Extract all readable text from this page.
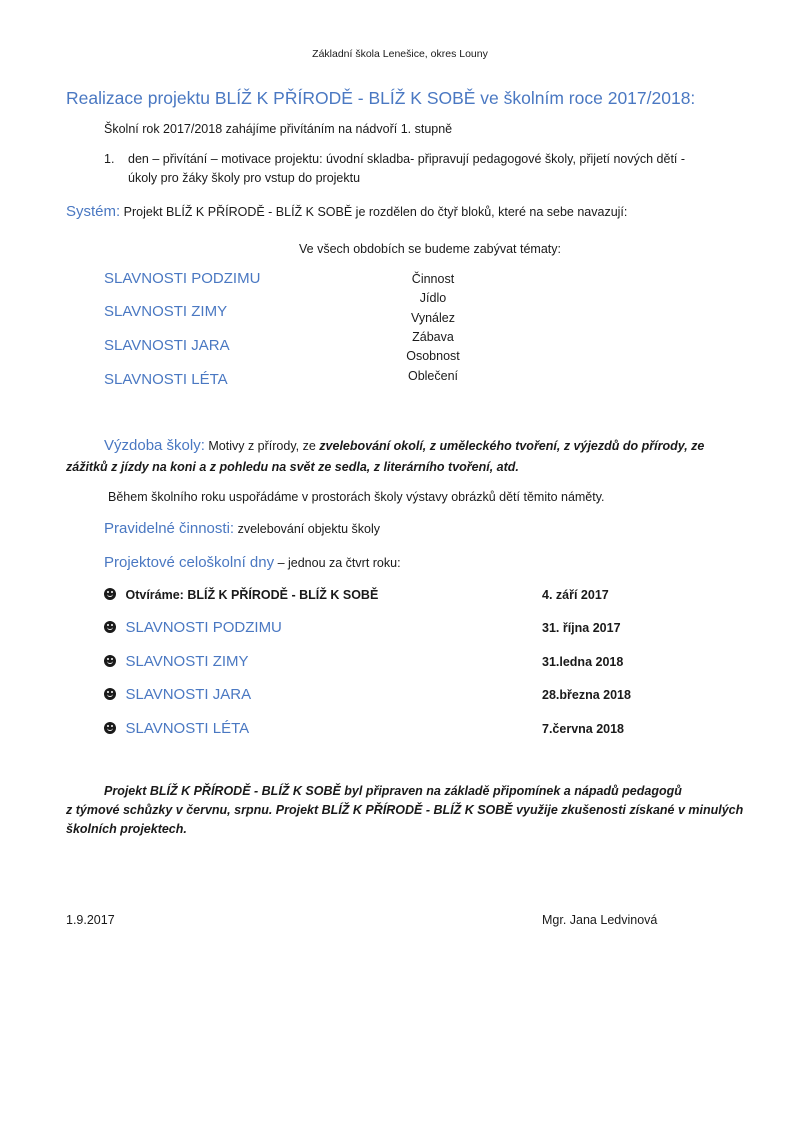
Základní škola Lenešice, okres Louny
Realizace projektu BLÍŽ K PŘÍRODĚ - BLÍŽ K SOBĚ ve školním roce 2017/2018:
Školní rok 2017/2018 zahájíme přivítáním na nádvoří 1. stupně
1. den – přivítání – motivace projektu: úvodní skladba- připravují pedagogové školy, přijetí nových dětí -
úkoly pro žáky školy pro vstup do projektu
Systém: Projekt BLÍŽ K PŘÍRODĚ - BLÍŽ K SOBĚ je rozdělen do čtyř bloků, které na sebe navazují:
Ve všech obdobích se budeme zabývat tématy:
SLAVNOSTI PODZIMU
SLAVNOSTI ZIMY
SLAVNOSTI JARA
SLAVNOSTI LÉTA
Činnost
Jídlo
Vynález
Zábava
Osobnost
Oblečení
Výzdoba školy: Motivy z přírody, ze zvelebování okolí, z uměleckého tvoření, z výjezdů do přírody, ze
zážitků z jízdy na koni a z pohledu na svět ze sedla, z literárního tvoření, atd.
Během školního roku uspořádáme v prostorách školy výstavy obrázků dětí těmito náměty.
Pravidelné činnosti: zvelebování objektu školy
Projektové celoškolní dny – jednou za čtvrt roku:
Otvíráme: BLÍŽ K PŘÍRODĚ - BLÍŽ K SOBĚ	4. září 2017
SLAVNOSTI PODZIMU	31. října 2017
SLAVNOSTI ZIMY	31.ledna 2018
SLAVNOSTI JARA	28.března 2018
SLAVNOSTI LÉTA	7.června 2018
Projekt BLÍŽ K PŘÍRODĚ - BLÍŽ K SOBĚ byl připraven na základě připomínek a nápadů pedagogů
z týmové schůzky v červnu, srpnu. Projekt BLÍŽ K PŘÍRODĚ - BLÍŽ K SOBĚ využije zkušenosti získané v minulých
školních projektech.
1.9.2017	Mgr. Jana Ledvinová
